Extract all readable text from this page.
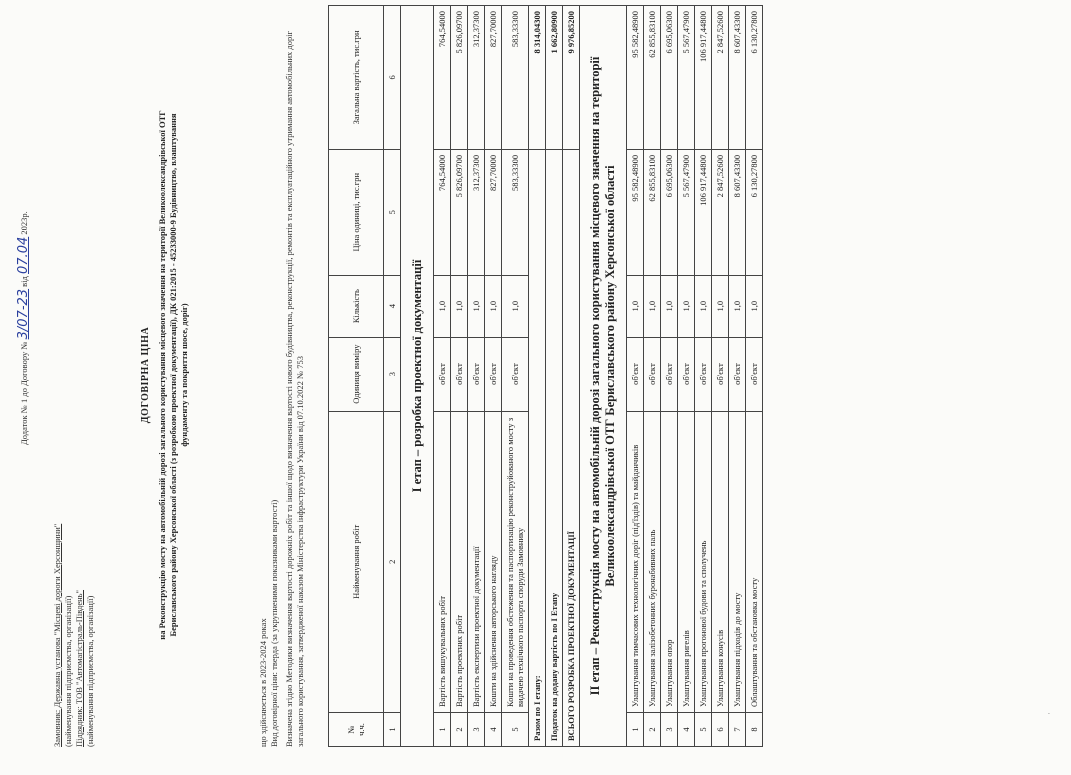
Додаток № 1 до Договору № 3/07-23 від 07.04 2023р.
Замовник: Державна установа "Місцеві дороги Херсонщини" (найменування підприємства, організації) Підрядник: ТОВ "Автомагістраль-Південь" (найменування підприємства, організації)
ДОГОВІРНА ЦІНА на Реконструкцію мосту на автомобільній дорозі загального користування місцевого значення на території Великоолександрівської ОТГ Бериславського району Херсонської області (з розробкою проектної документації), ДК 021:2015 - 45233000-9 Будівництво, влаштування фундаменту та покриття шосе, доріг)
що здійснюється в 2023-2024 роках Вид договірної ціни: тверда (за укрупненими показниками вартості) Визначена згідно Методики визначення вартості дорожніх робіт та іншої щодо визначення вартості нового будівництва, реконструкції, ремонтів та експлуатаційного утримання автомобільних доріг загального користування, затвердженої наказом Міністерства інфраструктури України від 07.10.2022 № 753	№ ч.ч.	Найменування робіт	Одиниця виміру	Кількість	Ціна одиниці, тис.грн	Загальна вартість, тис.грн
1	2	3	4	5	6
І етап – розробка проектної документації					
1	Вартість вишукувальних робіт	об'єкт	1,0	764,54000	764,54000
2	Вартість проектних робіт	об'єкт	1,0	5 826,09700	5 826,09700
3	Вартість експертизи проектної документації	об'єкт	1,0	312,37300	312,37300
4	Кошти на здійснення авторського нагляду	об'єкт	1,0	827,70000	827,70000
5	Кошти на проведення обстеження та паспортизацію реконструйованого мосту з видачею технічного паспорта споруди Замовнику	об'єкт	1,0	583,33300	583,33300
Разом по І етапу:					8 314,04300
Податок на додану вартість по І Етапу					1 662,80900
ВСЬОГО РОЗРОБКА ПРОЕКТНОЇ ДОКУМЕНТАЦІЇ					9 976,85200
ІІ етап – Реконструкція мосту на автомобільній дорозі загального користування місцевого значення на території Великоолександрівської ОТГ Бериславського району Херсонської області					
1	Улаштування тимчасових технологічних доріг (під'їздів) та майданчиків	об'єкт	1,0	95 582,48900	95 582,48900
2	Улаштування залізобетонних буронабивних паль	об'єкт	1,0	62 855,83100	62 855,83100
3	Улаштування опор	об'єкт	1,0	6 695,06300	6 695,06300
4	Улаштування ригелів	об'єкт	1,0	5 567,47900	5 567,47900
5	Улаштування прогонової будови та сполучень	об'єкт	1,0	106 917,44800	106 917,44800
6	Улаштування конусів	об'єкт	1,0	2 847,52600	2 847,52600
7	Улаштування підходів до мосту	об'єкт	1,0	8 607,43300	8 607,43300
8	Облаштування та обстановка мосту	об'єкт	1,0	6 130,27800	6 130,27800
·
